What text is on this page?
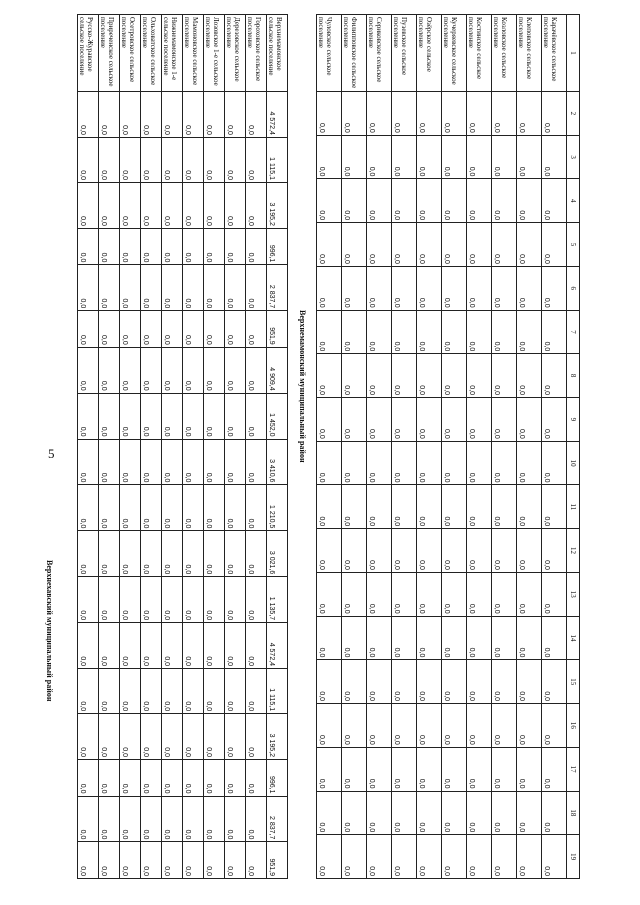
5
1	2	3	4	5	6	7	8	9	10	11	12	13	14	15	16	17	18	19
Карачёвское сельское поселение	0,0	0,0	0,0	0,0	0,0	0,0	0,0	0,0	0,0	0,0	0,0	0,0	0,0	0,0	0,0	0,0	0,0	0,0
Клеповское сельское поселение	0,0	0,0	0,0	0,0	0,0	0,0	0,0	0,0	0,0	0,0	0,0	0,0	0,0	0,0	0,0	0,0	0,0	0,0
Козловское сельское поселение	0,0	0,0	0,0	0,0	0,0	0,0	0,0	0,0	0,0	0,0	0,0	0,0	0,0	0,0	0,0	0,0	0,0	0,0
Костинское сельское поселение	0,0	0,0	0,0	0,0	0,0	0,0	0,0	0,0	0,0	0,0	0,0	0,0	0,0	0,0	0,0	0,0	0,0	0,0
Кучеряевское сельское поселение	0,0	0,0	0,0	0,0	0,0	0,0	0,0	0,0	0,0	0,0	0,0	0,0	0,0	0,0	0,0	0,0	0,0	0,0
Озёрское сельское поселение	0,0	0,0	0,0	0,0	0,0	0,0	0,0	0,0	0,0	0,0	0,0	0,0	0,0	0,0	0,0	0,0	0,0	0,0
Пузевское сельское поселение	0,0	0,0	0,0	0,0	0,0	0,0	0,0	0,0	0,0	0,0	0,0	0,0	0,0	0,0	0,0	0,0	0,0	0,0
Сериковское сельское поселение	0,0	0,0	0,0	0,0	0,0	0,0	0,0	0,0	0,0	0,0	0,0	0,0	0,0	0,0	0,0	0,0	0,0	0,0
Филипповское сельское поселение	0,0	0,0	0,0	0,0	0,0	0,0	0,0	0,0	0,0	0,0	0,0	0,0	0,0	0,0	0,0	0,0	0,0	0,0
Чуловское сельское поселение	0,0	0,0	0,0	0,0	0,0	0,0	0,0	0,0	0,0	0,0	0,0	0,0	0,0	0,0	0,0	0,0	0,0	0,0
Верхнемамонский муниципальный район
Верхнемамонское сельское поселение	4 572,4	1 115,1	3 195,2	996,1	2 837,7	951,9	4 909,4	1 452,0	3 410,6	1 210,5	3 021,6	1 135,7	4 572,4	1 115,1	3 195,2	996,1	2 837,7	951,9
Гороховское сельское поселение	0,0	0,0	0,0	0,0	0,0	0,0	0,0	0,0	0,0	0,0	0,0	0,0	0,0	0,0	0,0	0,0	0,0	0,0
Дерезовское сельское поселение	0,0	0,0	0,0	0,0	0,0	0,0	0,0	0,0	0,0	0,0	0,0	0,0	0,0	0,0	0,0	0,0	0,0	0,0
Лозовское 1-е сельское поселение	0,0	0,0	0,0	0,0	0,0	0,0	0,0	0,0	0,0	0,0	0,0	0,0	0,0	0,0	0,0	0,0	0,0	0,0
Мамоновское сельское поселение	0,0	0,0	0,0	0,0	0,0	0,0	0,0	0,0	0,0	0,0	0,0	0,0	0,0	0,0	0,0	0,0	0,0	0,0
Нижнемамонское 1-е сельское поселение	0,0	0,0	0,0	0,0	0,0	0,0	0,0	0,0	0,0	0,0	0,0	0,0	0,0	0,0	0,0	0,0	0,0	0,0
Ольховатское сельское поселение	0,0	0,0	0,0	0,0	0,0	0,0	0,0	0,0	0,0	0,0	0,0	0,0	0,0	0,0	0,0	0,0	0,0	0,0
Осетровское сельское поселение	0,0	0,0	0,0	0,0	0,0	0,0	0,0	0,0	0,0	0,0	0,0	0,0	0,0	0,0	0,0	0,0	0,0	0,0
Приреченское сельское поселение	0,0	0,0	0,0	0,0	0,0	0,0	0,0	0,0	0,0	0,0	0,0	0,0	0,0	0,0	0,0	0,0	0,0	0,0
Русско-Журавское сельское поселение	0,0	0,0	0,0	0,0	0,0	0,0	0,0	0,0	0,0	0,0	0,0	0,0	0,0	0,0	0,0	0,0	0,0	0,0
Верхнехавский муниципальный район
